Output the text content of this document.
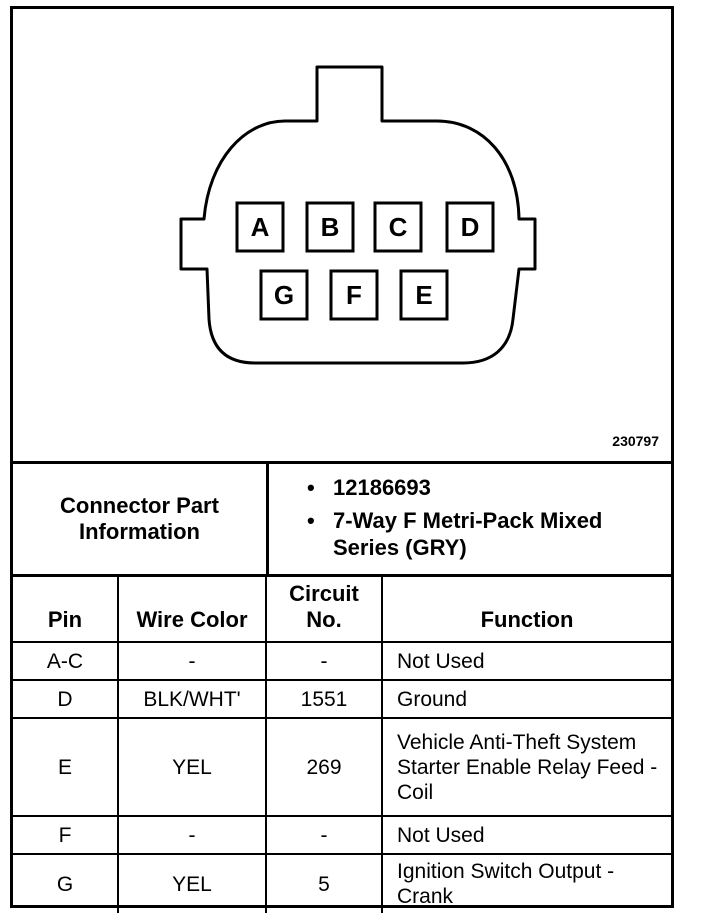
A B C D
G F E
230797
Connector Part
Information
• 12186693
• 7-Way F Metri-Pack Mixed Series (GRY)
Pin	Wire Color	Circuit No.	Function
A-C	-	-	Not Used
D	BLK/WHT'	1551	Ground
E	YEL	269	Vehicle Anti-Theft System Starter Enable Relay Feed - Coil
F	-	-	Not Used
G	YEL	5	Ignition Switch Output - Crank
